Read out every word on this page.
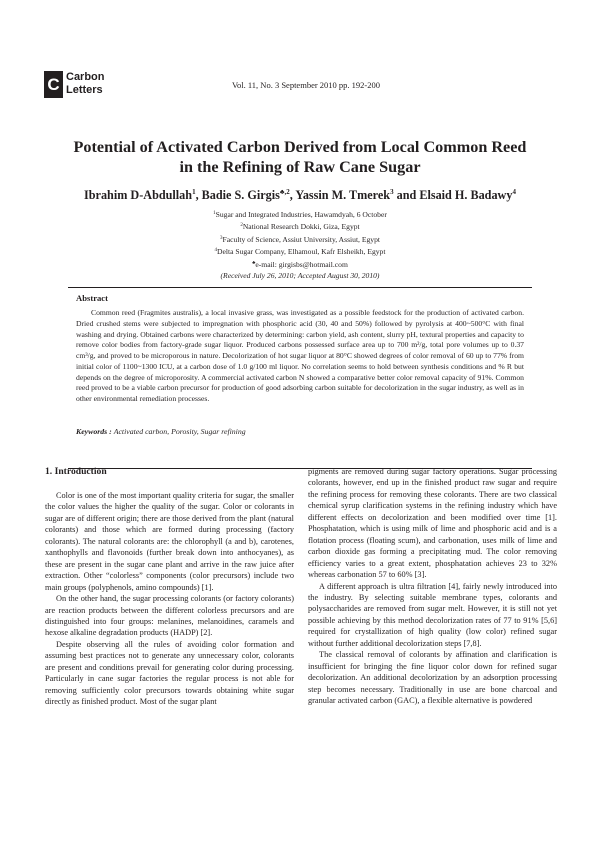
C Carbon
Letters	Vol. 11, No. 3 September 2010 pp. 192-200
Potential of Activated Carbon Derived from Local Common Reed
in the Refining of Raw Cane Sugar
Ibrahim D-Abdullah$^1$, Badie S. Girgis$^{♣,2}$, Yassin M. Tmerek$^3$ and Elsaid H. Badawy$^4$
$^1$Sugar and Integrated Industries, Hawamdyah, 6 October
$^2$National Research Dokki, Giza, Egypt
$^3$Faculty of Science, Assiut University, Assiut, Egypt
$^4$Delta Sugar Company, Elhamoul, Kafr Elsheikh, Egypt
♣e-mail: girgisbs@hotmail.com
(Received July 26, 2010; Accepted August 30, 2010)
Abstract
Common reed (Fragmites australis), a local invasive grass, was investigated as a possible feedstock for the production of activated carbon. Dried crushed stems were subjected to impregnation with phosphoric acid (30, 40 and 50%) followed by pyrolysis at 400~500°C with final washing and drying. Obtained carbons were characterized by determining: carbon yield, ash content, slurry pH, textural properties and capacity to remove color bodies from factory-grade sugar liquor. Produced carbons possessed surface area up to 700 m²/g, total pore volumes up to 0.37 cm³/g, and proved to be microporous in nature. Decolorization of hot sugar liquor at 80°C showed degrees of color removal of 60 up to 77% from initial color of 1100~1300 ICU, at a carbon dose of 1.0 g/100 ml liquor. No correlation seems to hold between synthesis conditions and % R but depends on the degree of microporosity. A commercial activated carbon N showed a comparative better color removal capacity of 91%. Common reed proved to be a viable carbon precursor for production of good adsorbing carbon suitable for decolorization in the sugar industry, as well as in other environmental remediation processes.
Keywords : Activated carbon, Porosity, Sugar refining
1. Introduction

Color is one of the most important quality criteria for sugar, the smaller the color values the higher the quality of the sugar. Color or colorants in sugar are of different origin; there are those derived from the plant (natural colorants) and those which are formed during processing (factory colorants). The natural colorants are: the chlorophyll (a and b), carotenes, xanthophylls and flavonoids (further break down into anthocyanes), as these are present in the sugar cane plant and arrive in the raw juice after extraction. Other “colorless” components (color precursors) include two main groups (polyphenols, amino compounds) [1].

On the other hand, the sugar processing colorants (or factory colorants) are reaction products between the different colorless precursors and are distinguished into four groups: melanines, melanoidines, caramels and hexose alkaline degradation products (HADP) [2].

Despite observing all the rules of avoiding color formation and assuming best practices not to generate any unnecessary color, colorants are present and conditions prevail for generating color during processing. Particularly in cane sugar factories the regular process is not able for removing sufficiently color precursors towards obtaining white sugar directly as finished product. Most of the sugar plant

pigments are removed during sugar factory operations. Sugar processing colorants, however, end up in the finished product raw sugar and require the refining process for removing these colorants. There are two classical chemical syrup clarification systems in the refining industry which have different effects on decolorization and been modified over time [1]. Phosphatation, which is using milk of lime and phosphoric acid and is a flotation process (floating scum), and carbonation, uses milk of lime and carbon dioxide gas forming a precipitating mud. The color removing efficiency varies to a great extent, phosphatation achieves 23 to 32% whereas carbonation 57 to 60% [3].

A different approach is ultra filtration [4], fairly newly introduced into the industry. By selecting suitable membrane types, colorants and polysaccharides are removed from sugar melt. However, it is still not yet possible achieving by this method decolorization rates of 77 to 91% [5,6] required for crystallization of high quality (low color) refined sugar without further additional decolorization steps [7,8].

The classical removal of colorants by affination and clarification is insufficient for bringing the fine liquor color down for refined sugar decolorization. An additional decolorization by an adsorption processing step becomes necessary. Traditionally in use are bone charcoal and granular activated carbon (GAC), a flexible alternative is powdered
